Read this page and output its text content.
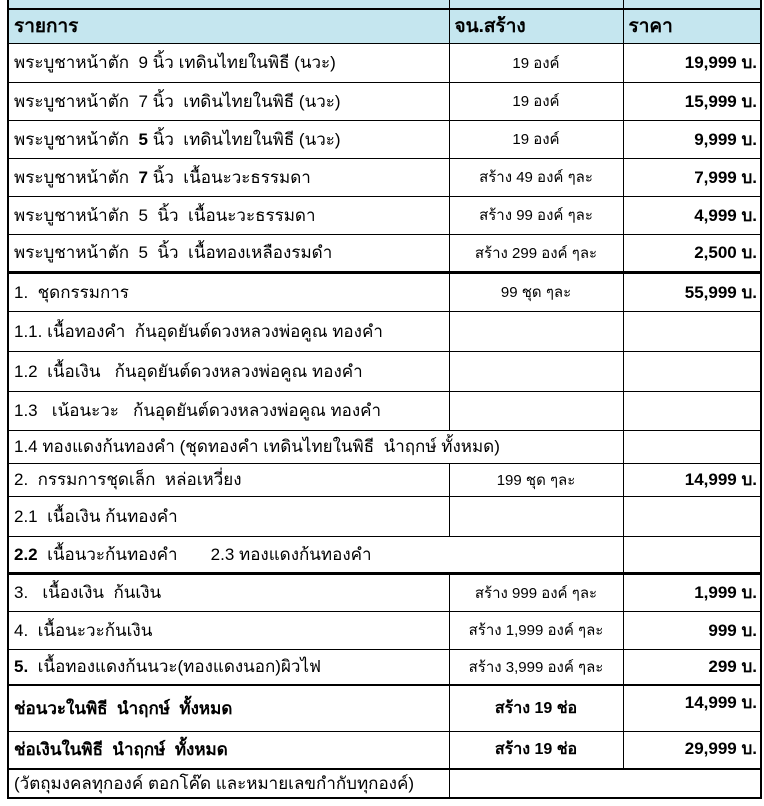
รายการ	จน.สร้าง	ราคา
พระบูชาหน้าตัก  9 นิ้ว เทดินไทยในพิธี (นวะ)	19 องค์	19,999 บ.
พระบูชาหน้าตัก  7 นิ้ว  เทดินไทยในพิธี (นวะ)	19 องค์	15,999 บ.
พระบูชาหน้าตัก  5 นิ้ว  เทดินไทยในพิธี (นวะ)	19 องค์	9,999 บ.
พระบูชาหน้าตัก  7 นิ้ว  เนื้อนะวะธรรมดา	สร้าง 49 องค์ ๆละ	7,999 บ.
พระบูชาหน้าตัก  5  นิ้ว  เนื้อนะวะธรรมดา	สร้าง 99 องค์ ๆละ	4,999 บ.
พระบูชาหน้าตัก  5  นิ้ว  เนื้อทองเหลืองรมดำ	สร้าง 299 องค์ ๆละ	2,500 บ.
1.  ชุดกรรมการ	99 ชุด ๆละ	55,999 บ.
1.1. เนื้อทองคำ  ก้นอุดยันต์ดวงหลวงพ่อคูณ ทองคำ		
1.2  เนื้อเงิน   ก้นอุดยันต์ดวงหลวงพ่อคูณ ทองคำ		
1.3   เน้อนะวะ   ก้นอุดยันต์ดวงหลวงพ่อคูณ ทองคำ		
1.4 ทองแดงก้นทองคำ (ชุดทองคำ เทดินไทยในพิธี  นำฤกษ์ ทั้งหมด)		
2.  กรรมการชุดเล็ก  หล่อเหวี่ยง	199 ชุด ๆละ	14,999 บ.
2.1  เนื้อเงิน ก้นทองคำ		
2.2  เนื้อนวะก้นทองคำ       2.3 ทองแดงก้นทองคำ		
3.   เนื้องเงิน  ก้นเงิน	สร้าง 999 องค์ ๆละ	1,999 บ.
4.  เนื้อนะวะก้นเงิน	สร้าง 1,999 องค์ ๆละ	999 บ.
5.  เนื้อทองแดงก้นนวะ(ทองแดงนอก)ผิวไฟ	สร้าง 3,999 องค์ ๆละ	299 บ.
ช่อนวะในพิธี  นำฤกษ์  ทั้งหมด	สร้าง 19 ช่อ	14,999 บ.
ช่อเงินในพิธี  นำฤกษ์  ทั้งหมด	สร้าง 19 ช่อ	29,999 บ.
(วัตถุมงคลทุกองค์ ตอกโค๊ด และหมายเลขกำกับทุกองค์)		
